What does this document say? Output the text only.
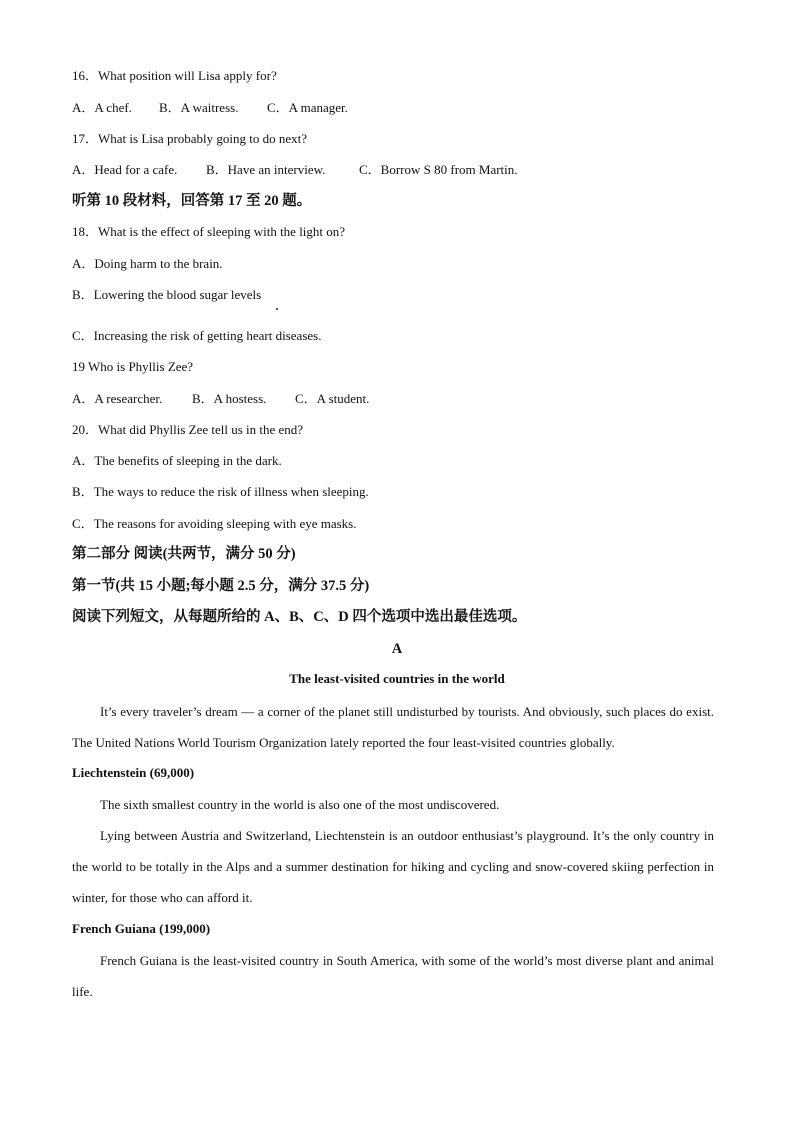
16．What position will Lisa apply for?
A．A chef. B．A waitress. C．A manager.
17．What is Lisa probably going to do next?
A．Head for a cafe. B．Have an interview.	C．Borrow S 80 from Martin.
听第 10 段材料，回答第 17 至 20 题。
18．What is the effect of sleeping with the light on?
A．Doing harm to the brain.
B．Lowering the blood sugar levels
C．Increasing the risk of getting heart diseases.
19 Who is Phyllis Zee?
A．A researcher. B．A hostess. C．A student.
20．What did Phyllis Zee tell us in the end?
A．The benefits of sleeping in the dark.
B．The ways to reduce the risk of illness when sleeping.
C．The reasons for avoiding sleeping with eye masks.
第二部分 阅读(共两节，满分 50 分)
第一节(共 15 小题;每小题 2.5 分，满分 37.5 分)
阅读下列短文，从每题所给的 A、B、C、D 四个选项中选出最佳选项。
A
The least-visited countries in the world
It’s every traveler’s dream — a corner of the planet still undisturbed by tourists. And obviously, such places do exist. The United Nations World Tourism Organization lately reported the four least-visited countries globally.
Liechtenstein (69,000)
The sixth smallest country in the world is also one of the most undiscovered.
Lying between Austria and Switzerland, Liechtenstein is an outdoor enthusiast’s playground. It’s the only country in the world to be totally in the Alps and a summer destination for hiking and cycling and snow-covered skiing perfection in winter, for those who can afford it.
French Guiana (199,000)
French Guiana is the least-visited country in South America, with some of the world’s most diverse plant and animal life.
